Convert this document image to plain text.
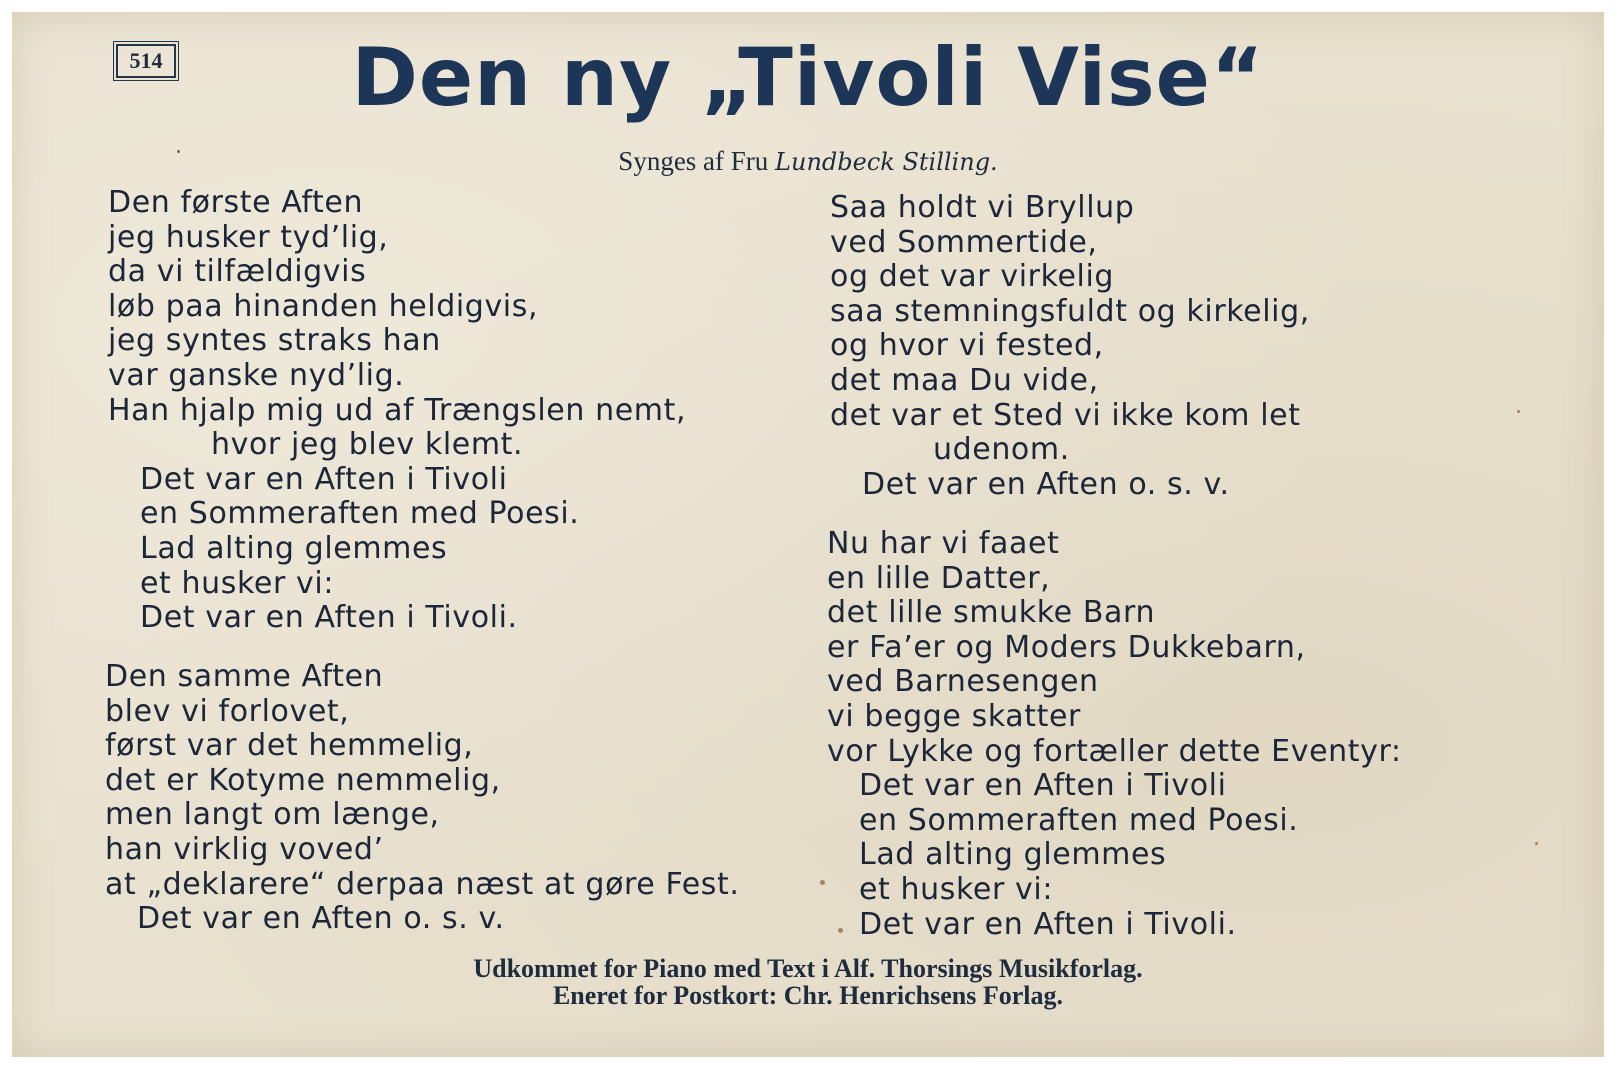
514	Den ny „Tivoli Vise“
Synges af Fru Lundbeck Stilling.
Den første Aften
jeg husker tyd’lig,
da vi tilfældigvis
løb paa hinanden heldigvis,
jeg syntes straks han
var ganske nyd’lig.
Han hjalp mig ud af Trængslen nemt,
hvor jeg blev klemt.
Det var en Aften i Tivoli
en Sommeraften med Poesi.
Lad alting glemmes
et husker vi:
Det var en Aften i Tivoli.
Den samme Aften
blev vi forlovet,
først var det hemmelig,
det er Kotyme nemmelig,
men langt om længe,
han virklig voved’
at „deklarere“ derpaa næst at gøre Fest.
Det var en Aften o. s. v.
Saa holdt vi Bryllup
ved Sommertide,
og det var virkelig
saa stemningsfuldt og kirkelig,
og hvor vi fested,
det maa Du vide,
det var et Sted vi ikke kom let
udenom.
Det var en Aften o. s. v.
Nu har vi faaet
en lille Datter,
det lille smukke Barn
er Fa’er og Moders Dukkebarn,
ved Barnesengen
vi begge skatter
vor Lykke og fortæller dette Eventyr:
Det var en Aften i Tivoli
en Sommeraften med Poesi.
Lad alting glemmes
et husker vi:
Det var en Aften i Tivoli.
Udkommet for Piano med Text i Alf. Thorsings Musikforlag.
Eneret for Postkort: Chr. Henrichsens Forlag.
